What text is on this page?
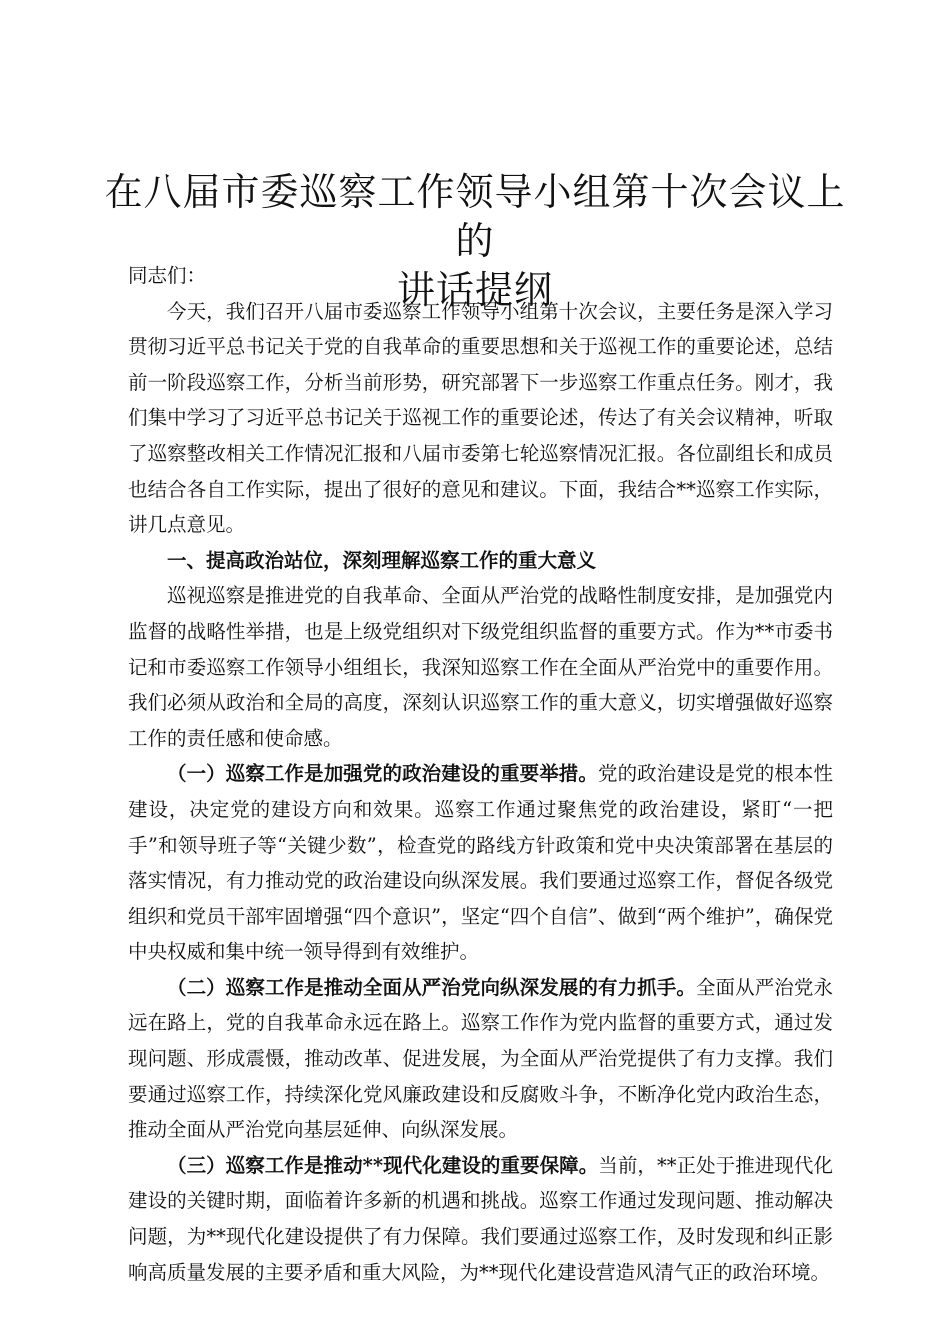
在八届市委巡察工作领导小组第十次会议上的
讲话提纲

同志们：

今天，我们召开八届市委巡察工作领导小组第十次会议，主要任务是深入学习贯彻习近平总书记关于党的自我革命的重要思想和关于巡视工作的重要论述，总结前一阶段巡察工作，分析当前形势，研究部署下一步巡察工作重点任务。刚才，我们集中学习了习近平总书记关于巡视工作的重要论述，传达了有关会议精神，听取了巡察整改相关工作情况汇报和八届市委第七轮巡察情况汇报。各位副组长和成员也结合各自工作实际，提出了很好的意见和建议。下面，我结合**巡察工作实际，讲几点意见。

一、提高政治站位，深刻理解巡察工作的重大意义

巡视巡察是推进党的自我革命、全面从严治党的战略性制度安排，是加强党内监督的战略性举措，也是上级党组织对下级党组织监督的重要方式。作为**市委书记和市委巡察工作领导小组组长，我深知巡察工作在全面从严治党中的重要作用。我们必须从政治和全局的高度，深刻认识巡察工作的重大意义，切实增强做好巡察工作的责任感和使命感。

（一）巡察工作是加强党的政治建设的重要举措。党的政治建设是党的根本性建设，决定党的建设方向和效果。巡察工作通过聚焦党的政治建设，紧盯“一把手”和领导班子等“关键少数”，检查党的路线方针政策和党中央决策部署在基层的落实情况，有力推动党的政治建设向纵深发展。我们要通过巡察工作，督促各级党组织和党员干部牢固增强“四个意识”，坚定“四个自信”、做到“两个维护”，确保党中央权威和集中统一领导得到有效维护。

（二）巡察工作是推动全面从严治党向纵深发展的有力抓手。全面从严治党永远在路上，党的自我革命永远在路上。巡察工作作为党内监督的重要方式，通过发现问题、形成震慑，推动改革、促进发展，为全面从严治党提供了有力支撑。我们要通过巡察工作，持续深化党风廉政建设和反腐败斗争，不断净化党内政治生态，推动全面从严治党向基层延伸、向纵深发展。

（三）巡察工作是推动**现代化建设的重要保障。当前，**正处于推进现代化建设的关键时期，面临着许多新的机遇和挑战。巡察工作通过发现问题、推动解决问题，为**现代化建设提供了有力保障。我们要通过巡察工作，及时发现和纠正影响高质量发展的主要矛盾和重大风险，为**现代化建设营造风清气正的政治环境。
